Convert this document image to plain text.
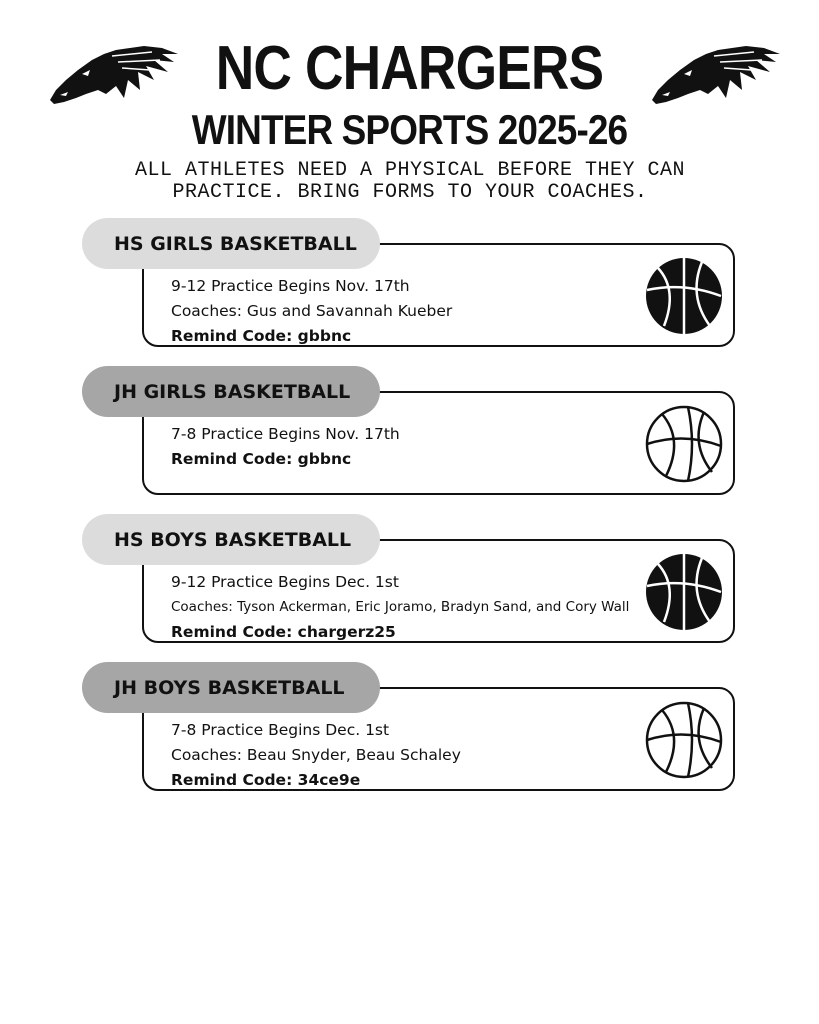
NC CHARGERS
WINTER SPORTS 2025-26
ALL ATHLETES NEED A PHYSICAL BEFORE THEY CAN
PRACTICE. BRING FORMS TO YOUR COACHES.
HS GIRLS BASKETBALL
9-12 Practice Begins Nov. 17th
Coaches: Gus and Savannah Kueber
Remind Code: gbbnc
JH GIRLS BASKETBALL
7-8 Practice Begins Nov. 17th
Remind Code: gbbnc
HS BOYS BASKETBALL
9-12 Practice Begins Dec. 1st
Coaches: Tyson Ackerman, Eric Joramo, Bradyn Sand, and Cory Wall
Remind Code: chargerz25
JH BOYS BASKETBALL
7-8 Practice Begins Dec. 1st
Coaches: Beau Snyder, Beau Schaley
Remind Code: 34ce9e
